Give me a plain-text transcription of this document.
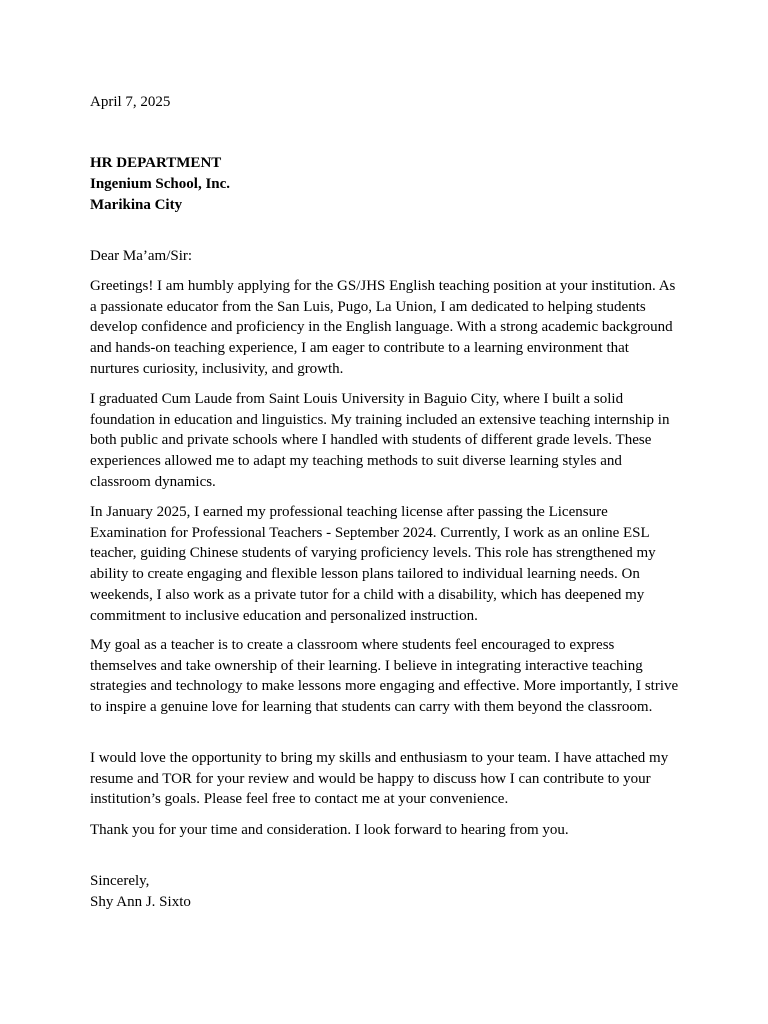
April 7, 2025
HR DEPARTMENT
Ingenium School, Inc.
Marikina City
Dear Ma’am/Sir:

Greetings! I am humbly applying for the GS/JHS English teaching position at your institution. As a passionate educator from the San Luis, Pugo, La Union, I am dedicated to helping students develop confidence and proficiency in the English language. With a strong academic background and hands-on teaching experience, I am eager to contribute to a learning environment that nurtures curiosity, inclusivity, and growth.

I graduated Cum Laude from Saint Louis University in Baguio City, where I built a solid foundation in education and linguistics. My training included an extensive teaching internship in both public and private schools where I handled with students of different grade levels. These experiences allowed me to adapt my teaching methods to suit diverse learning styles and classroom dynamics.

In January 2025, I earned my professional teaching license after passing the Licensure Examination for Professional Teachers - September 2024. Currently, I work as an online ESL teacher, guiding Chinese students of varying proficiency levels. This role has strengthened my ability to create engaging and flexible lesson plans tailored to individual learning needs. On weekends, I also work as a private tutor for a child with a disability, which has deepened my commitment to inclusive education and personalized instruction.

My goal as a teacher is to create a classroom where students feel encouraged to express themselves and take ownership of their learning. I believe in integrating interactive teaching strategies and technology to make lessons more engaging and effective. More importantly, I strive to inspire a genuine love for learning that students can carry with them beyond the classroom.

I would love the opportunity to bring my skills and enthusiasm to your team. I have attached my resume and TOR for your review and would be happy to discuss how I can contribute to your institution’s goals. Please feel free to contact me at your convenience.

Thank you for your time and consideration. I look forward to hearing from you.

Sincerely,
Shy Ann J. Sixto
